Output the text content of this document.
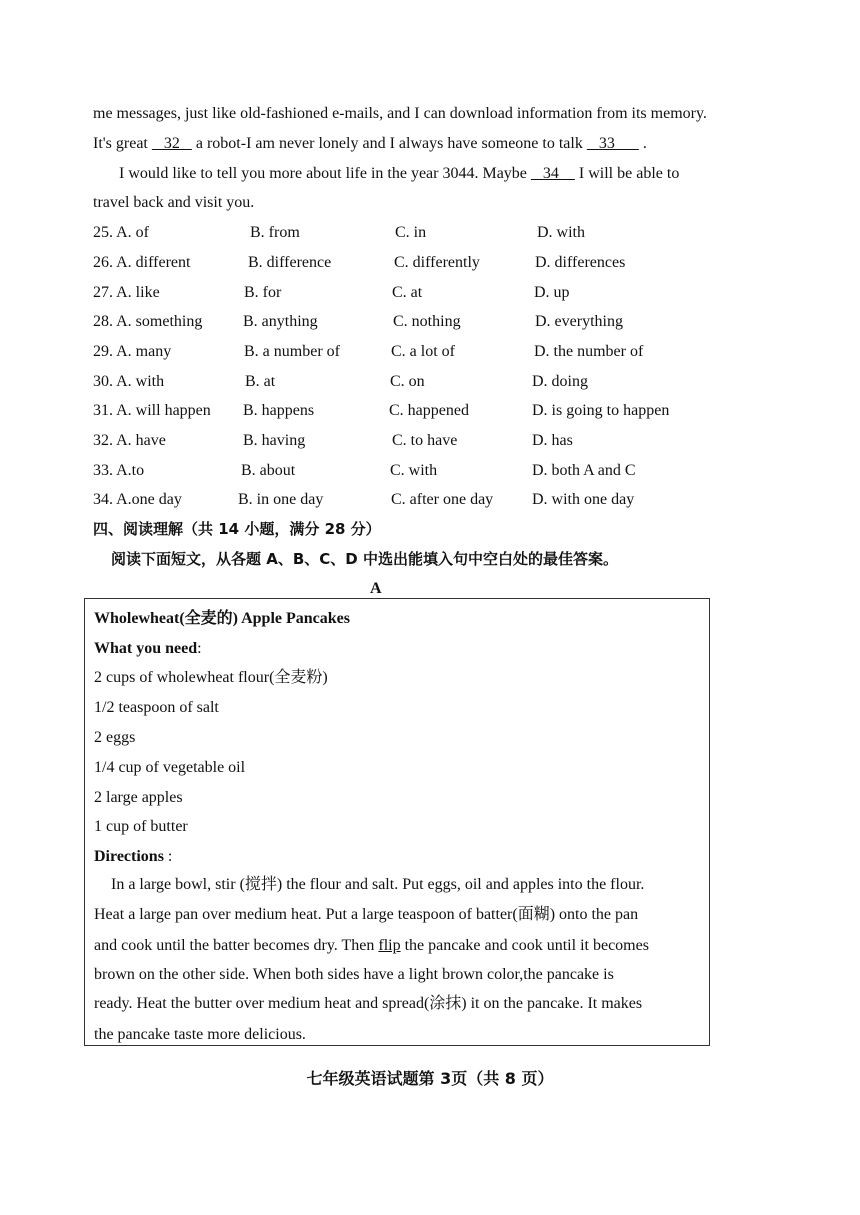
me messages, just like old-fashioned e-mails, and I can download information from its memory.
It's great    32    a robot-I am never lonely and I always have someone to talk    33       .
I would like to tell you more about life in the year 3044. Maybe    34     I will be able to
travel back and visit you.
25. A. of	B. from	C. in	D. with
26. A. different	B. difference	C. differently	D. differences
27. A. like	B. for	C. at	D. up
28. A. something	B. anything	C. nothing	D. everything
29. A. many	B. a number of	C. a lot of	D. the number of
30. A. with	B. at	C. on	D. doing
31. A. will happen B. happens	C. happened	D. is going to happen
32. A. have	B. having	C. to have	D. has
33. A.to	B. about	C. with	D. both A and C
34. A.one day	B. in one day	C. after one day D. with one day
四、阅读理解（共 14 小题，满分 28 分）
阅读下面短文，从各题 A、B、C、D 中选出能填入句中空白处的最佳答案。
A
Wholewheat(全麦的) Apple Pancakes
What you need:
2 cups of wholewheat flour(全麦粉)
1/2 teaspoon of salt
2 eggs
1/4 cup of vegetable oil
2 large apples
1 cup of butter
Directions :
In a large bowl, stir (搅拌) the flour and salt. Put eggs, oil and apples into the flour.
Heat a large pan over medium heat. Put a large teaspoon of batter(面糊) onto the pan
and cook until the batter becomes dry. Then flip the pancake and cook until it becomes
brown on the other side. When both sides have a light brown color,the pancake is
ready. Heat the butter over medium heat and spread(涂抹) it on the pancake. It makes
the pancake taste more delicious.
七年级英语试题第 3页（共 8 页）
